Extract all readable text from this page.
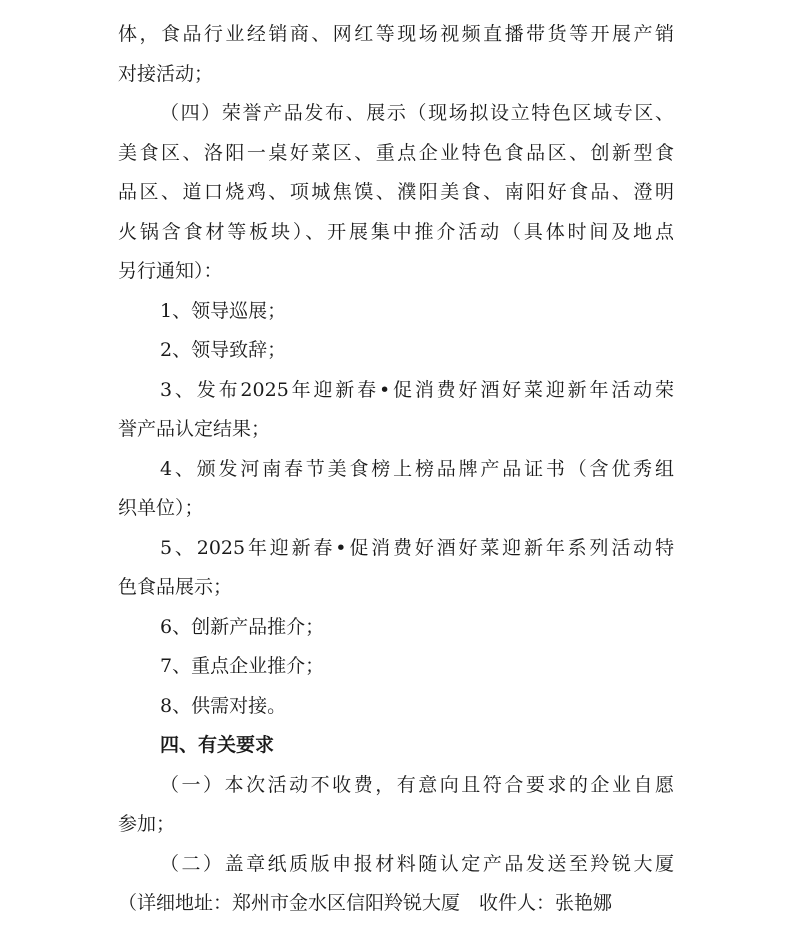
体，食品行业经销商、网红等现场视频直播带货等开展产销
对接活动；
（四）荣誉产品发布、展示（现场拟设立特色区域专区、
美食区、洛阳一桌好菜区、重点企业特色食品区、创新型食
品区、道口烧鸡、项城焦馍、濮阳美食、南阳好食品、澄明
火锅含食材等板块）、开展集中推介活动（具体时间及地点
另行通知）：
1、领导巡展；
2、领导致辞；
3、发布2025年迎新春•促消费好酒好菜迎新年活动荣
誉产品认定结果；
4、颁发河南春节美食榜上榜品牌产品证书（含优秀组
织单位）；
5、2025年迎新春•促消费好酒好菜迎新年系列活动特
色食品展示；
6、创新产品推介；
7、重点企业推介；
8、供需对接。
四、有关要求
（一）本次活动不收费，有意向且符合要求的企业自愿
参加；
（二）盖章纸质版申报材料随认定产品发送至羚锐大厦
（详细地址：郑州市金水区信阳羚锐大厦　收件人：张艳娜
